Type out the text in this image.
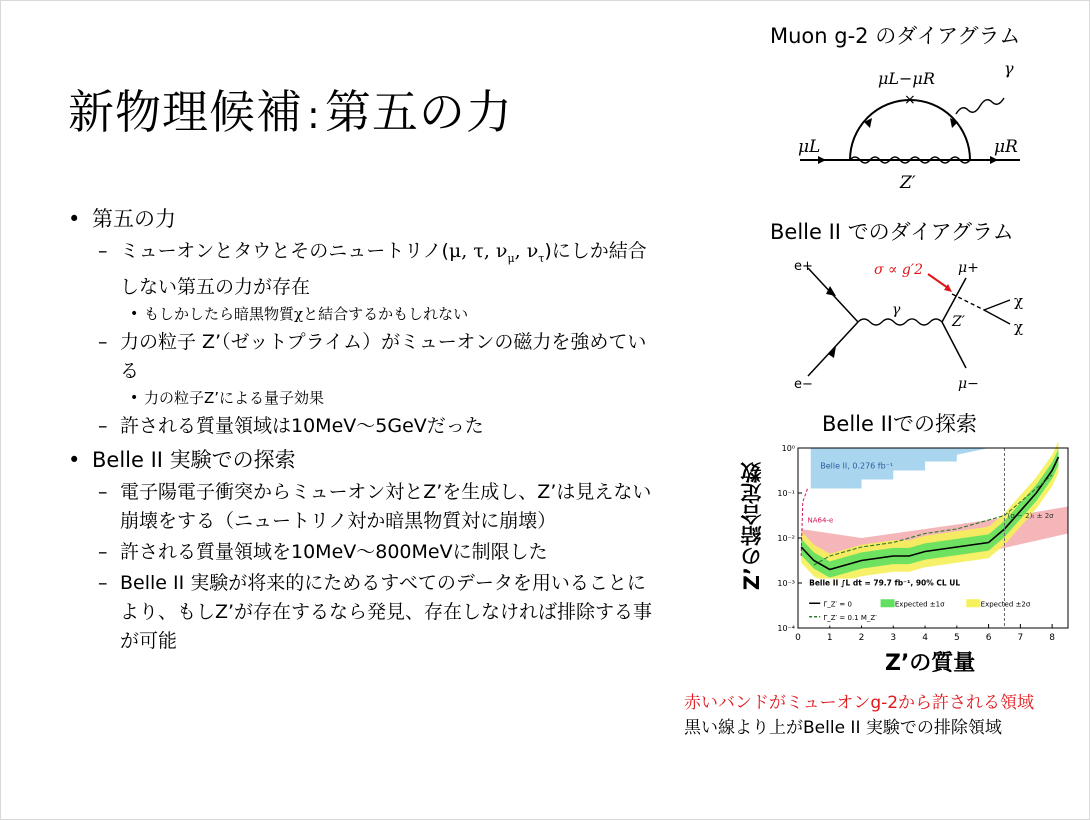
新物理候補 :第五の力
• 第五の力
– ミューオンとタウとそのニュートリノ(μ, τ, $\nu_\mu$, $\nu_\tau$)にしか結合しない第五の力が存在
• もしかしたら暗黒物質χと結合するかもしれない
– 力の粒子 Z’（ゼットプライム）がミューオンの磁力を強めている
• 力の粒子Z’による量子効果
– 許される質量領域は10MeV〜5GeVだった
• Belle II 実験での探索
– 電子陽電子衝突からミューオン対とZ’を生成し、Z’は見えない崩壊をする（ニュートリノ対か暗黒物質対に崩壊）
– 許される質量領域を10MeV〜800MeVに制限した
– Belle II 実験が将来的にためるすべてのデータを用いることにより、もしZ’が存在するなら発見、存在しなければ排除する事が可能
Muon g-2 のダイアグラム
Belle II でのダイアグラム
Belle IIでの探索
×
μL	μR
μL−μR
γ
Z′
e+
e−
μ+
μ−
γ
Z′
χ
χ
σ ∝ g′2
Z’の結合定数
Z’の質量
0	1	2	3	4	5	6	7	8
10⁰
10⁻¹
10⁻²
10⁻³
10⁻⁴
Belle II, 0.276 fb⁻¹
NA64-e
(g − 2)ₜ ± 2σ
Belle II ∫L dt = 79.7 fb⁻¹, 90% CL UL
Γ_Z′ = 0
Γ_Z′ = 0.1 M_Z′
Expected ±1σ	Expected ±2σ
赤いバンドがミューオンg-2から許される領域
黒い線より上がBelle II 実験での排除領域
